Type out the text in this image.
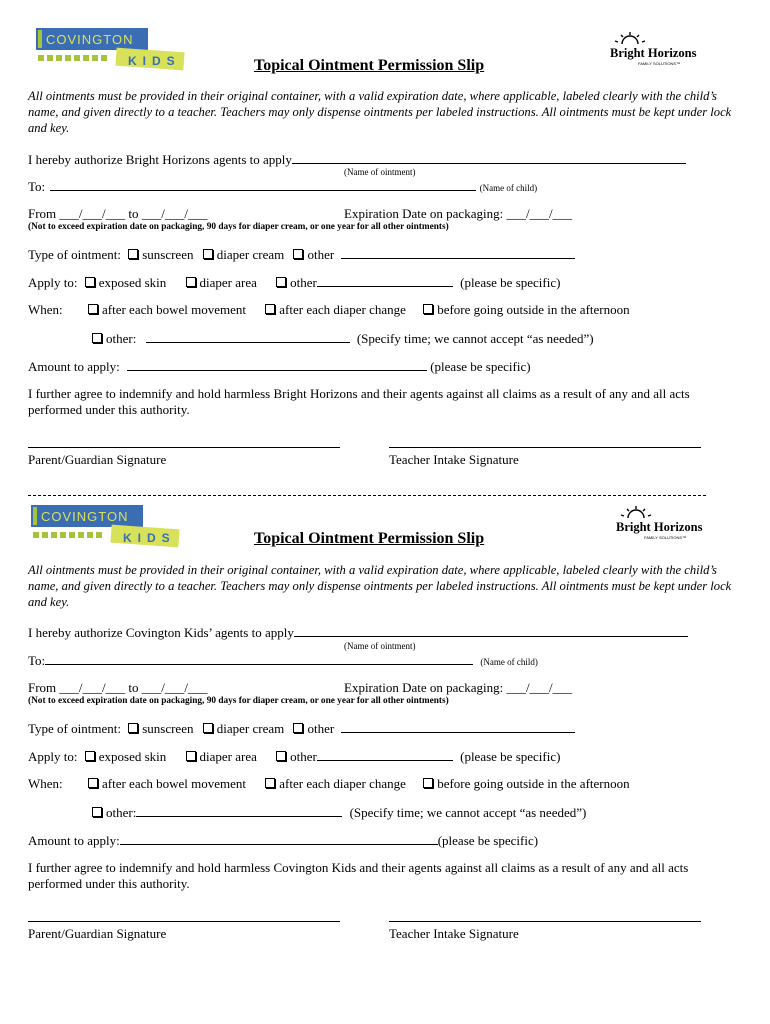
COVINGTON
KIDS
Bright Horizons
FAMILY SOLUTIONS™
Topical Ointment Permission Slip
All ointments must be provided in their original container, with a valid expiration date, where applicable, labeled clearly with the child’s name, and given directly to a teacher. Teachers may only dispense ointments per labeled instructions. All ointments must be kept under lock and key.
I hereby authorize Bright Horizons agents to apply
(Name of ointment)
To:	(Name of child)
From ___/___/___ to ___/___/___	Expiration Date on packaging: ___/___/___
(Not to exceed expiration date on packaging, 90 days for diaper cream, or one year for all other ointments)
Type of ointment: sunscreen diaper cream other
Apply to: exposed skin	diaper area	other	(please be specific)
When:	after each bowel movement	after each diaper change before going outside in the afternoon
other:	(Specify time; we cannot accept “as needed”)
Amount to apply:	(please be specific)
I further agree to indemnify and hold harmless Bright Horizons and their agents against all claims as a result of any and all acts performed under this authority.
Parent/Guardian Signature	Teacher Intake Signature
COVINGTON
KIDS
Bright Horizons
FAMILY SOLUTIONS™
Topical Ointment Permission Slip
All ointments must be provided in their original container, with a valid expiration date, where applicable, labeled clearly with the child’s name, and given directly to a teacher. Teachers may only dispense ointments per labeled instructions. All ointments must be kept under lock and key.
I hereby authorize Covington Kids’ agents to apply
(Name of ointment)
To:	(Name of child)
From ___/___/___ to ___/___/___	Expiration Date on packaging: ___/___/___
(Not to exceed expiration date on packaging, 90 days for diaper cream, or one year for all other ointments)
Type of ointment: sunscreen diaper cream other
Apply to: exposed skin	diaper area	other	(please be specific)
When:	after each bowel movement	after each diaper change before going outside in the afternoon
other:	(Specify time; we cannot accept “as needed”)
Amount to apply:	(please be specific)
I further agree to indemnify and hold harmless Covington Kids and their agents against all claims as a result of any and all acts performed under this authority.
Parent/Guardian Signature	Teacher Intake Signature
